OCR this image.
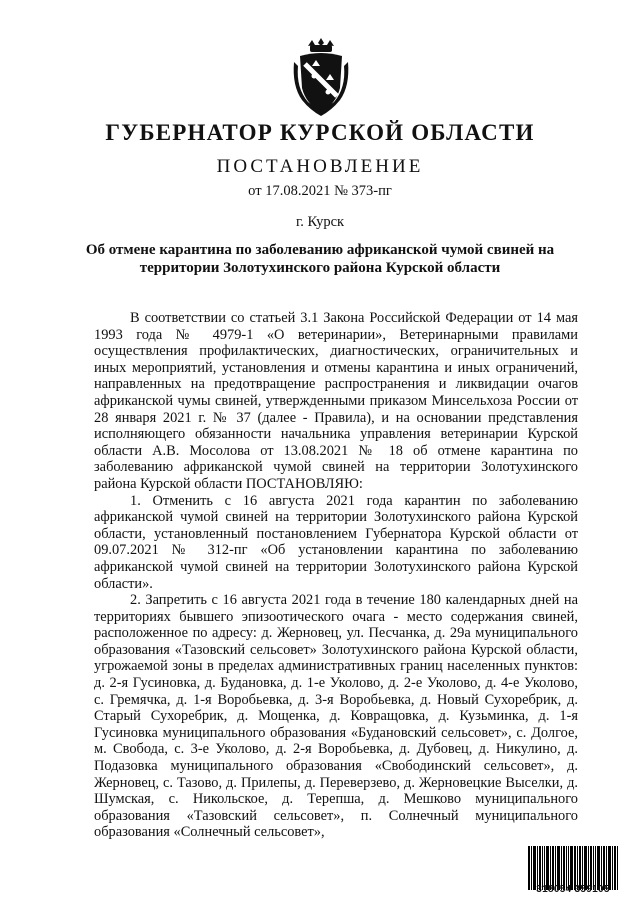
ГУБЕРНАТОР КУРСКОЙ ОБЛАСТИ
ПОСТАНОВЛЕНИЕ
от 17.08.2021 № 373-пг
г. Курск
Об отмене карантина по заболеванию африканской чумой свиней на
территории Золотухинского района Курской области

В соответствии со статьей 3.1 Закона Российской Федерации от 14 мая 1993 года № 4979-1 «О ветеринарии», Ветеринарными правилами осуществления профилактических, диагностических, ограничительных и иных мероприятий, установления и отмены карантина и иных ограничений, направленных на предотвращение распространения и ликвидации очагов африканской чумы свиней, утвержденными приказом Минсельхоза России от 28 января 2021 г. № 37 (далее - Правила), и на основании представления исполняющего обязанности начальника управления ветеринарии Курской области А.В. Мосолова от 13.08.2021 № 18 об отмене карантина по заболеванию африканской чумой свиней на территории Золотухинского района Курской области ПОСТАНОВЛЯЮ:

1. Отменить с 16 августа 2021 года карантин по заболеванию африканской чумой свиней на территории Золотухинского района Курской области, установленный постановлением Губернатора Курской области от 09.07.2021 № 312-пг «Об установлении карантина по заболеванию африканской чумой свиней на территории Золотухинского района Курской области».

2. Запретить с 16 августа 2021 года в течение 180 календарных дней на территориях бывшего эпизоотического очага - место содержания свиней, расположенное по адресу: д. Жерновец, ул. Песчанка, д. 29а муниципального образования «Тазовский сельсовет» Золотухинского района Курской области, угрожаемой зоны в пределах административных границ населенных пунктов: д. 2-я Гусиновка, д. Будановка, д. 1-е Уколово, д. 2-е Уколово, д. 4-е Уколово, с. Гремячка, д. 1-я Воробьевка, д. 3-я Воробьевка, д. Новый Сухоребрик, д. Старый Сухоребрик, д. Мощенка, д. Ковращовка, д. Кузьминка, д. 1-я Гусиновка муниципального образования «Будановский сельсовет», с. Долгое, м. Свобода, с. 3-е Уколово, д. 2-я Воробьевка, д. Дубовец, д. Никулино, д. Подазовка муниципального образования «Свободинский сельсовет», д. Жерновец, с. Тазово, д. Прилепы, д. Переверзево, д. Жерновецкие Выселки, д. Шумская, с. Никольское, д. Терепша, д. Мешково муниципального образования «Тазовский сельсовет», п. Солнечный муниципального образования «Солнечный сельсовет»,

318054 359105
